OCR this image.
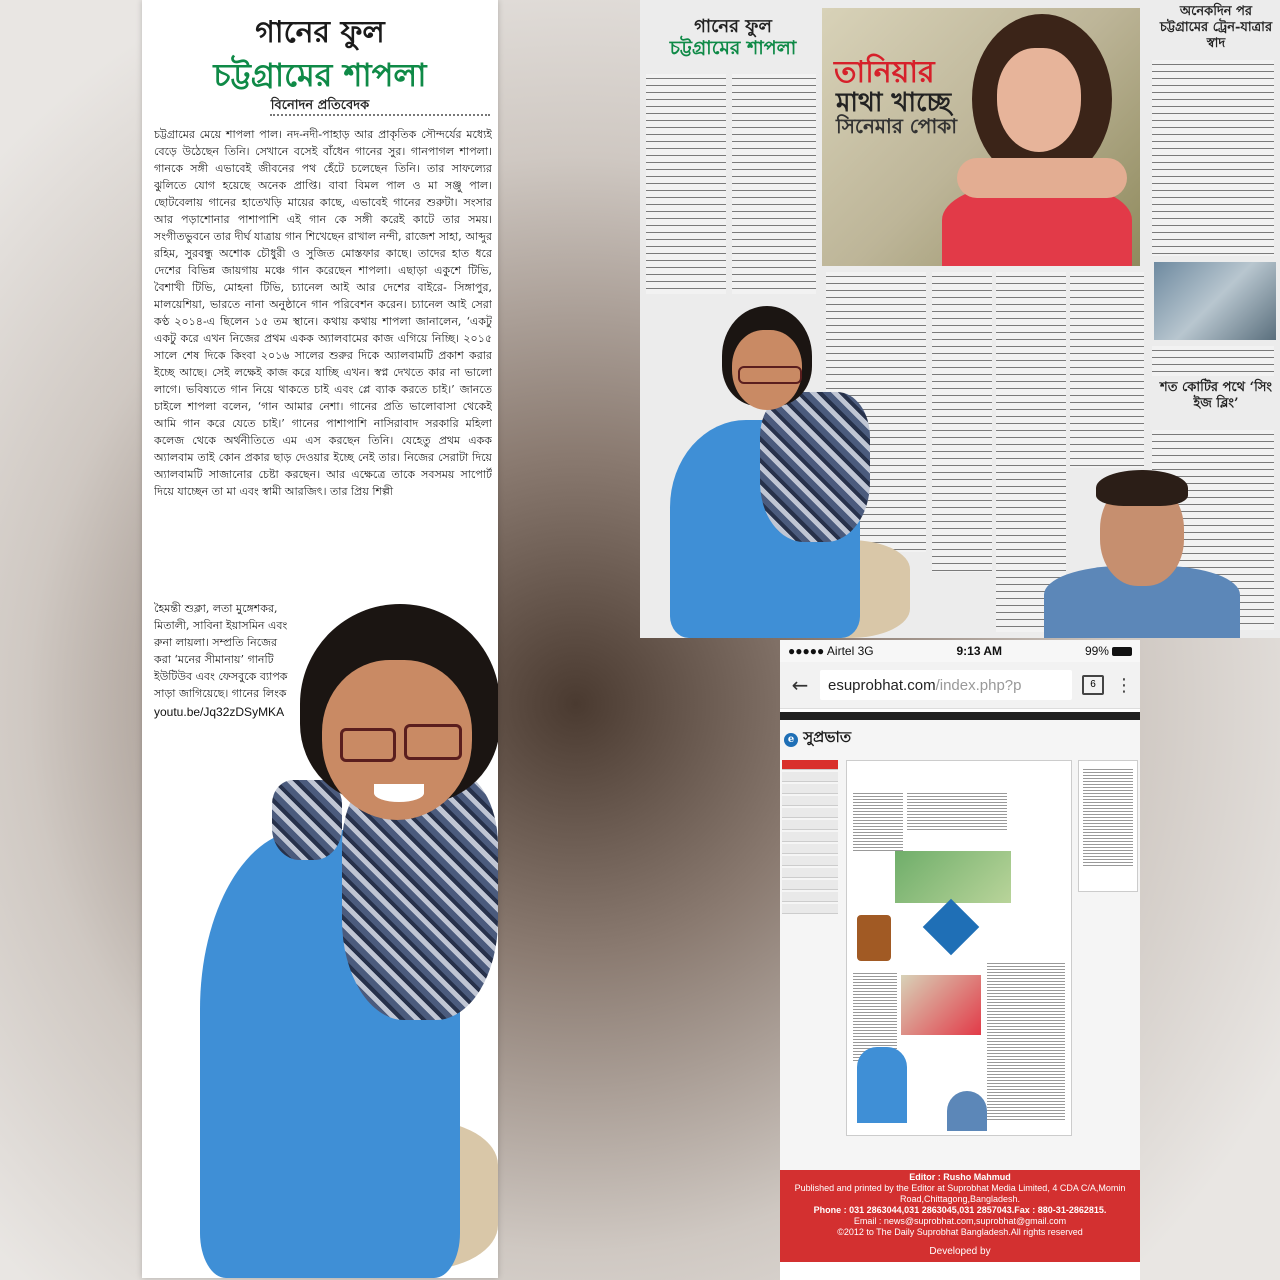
গানের ফুল
চট্টগ্রামের শাপলা
বিনোদন প্রতিবেদক
চট্টগ্রামের মেয়ে শাপলা পাল। নদ-নদী-পাহাড় আর প্রাকৃতিক সৌন্দর্যের মধ্যেই বেড়ে উঠেছেন তিনি। সেখানে বসেই বাঁধেন গানের সুর। গানপাগল শাপলা। গানকে সঙ্গী এভাবেই জীবনের পথ হেঁটে চলেছেন তিনি। তার সাফল্যের ঝুলিতে যোগ হয়েছে অনেক প্রাপ্তি। বাবা বিমল পাল ও মা সঞ্জু পাল। ছোটবেলায় গানের হাতেখড়ি মায়ের কাছে, এভাবেই গানের শুরুটা। সংসার আর পড়াশোনার পাশাপাশি এই গান কে সঙ্গী করেই কাটে তার সময়। সংগীতভুবনে তার দীর্ঘ যাত্রায় গান শিখেছেন রাখাল নন্দী, রাজেশ সাহা, আব্দুর রহিম, সুরবন্ধু অশোক চৌধুরী ও সুজিত মোস্তফার কাছে। তাদের হাত ধরে দেশের বিভিন্ন জায়গায় মঞ্চে গান করেছেন শাপলা। এছাড়া একুশে টিভি, বৈশাখী টিভি, মোহনা টিভি, চ্যানেল আই আর দেশের বাইরে- সিঙ্গাপুর, মালয়েশিয়া, ভারতে নানা অনুষ্ঠানে গান পরিবেশন করেন। চ্যানেল আই সেরা কণ্ঠ ২০১৪-এ ছিলেন ১৫ তম স্থানে। কথায় কথায় শাপলা জানালেন, ‘একটু একটু করে এখন নিজের প্রথম একক অ্যালবামের কাজ এগিয়ে নিচ্ছি। ২০১৫ সালে শেষ দিকে কিংবা ২০১৬ সালের শুরুর দিকে অ্যালবামটি প্রকাশ করার ইচ্ছে আছে। সেই লক্ষেই কাজ করে যাচ্ছি এখন। স্বপ্ন দেখতে কার না ভালো লাগে। ভবিষ্যতে গান নিয়ে থাকতে চাই এবং প্লে ব্যাক করতে চাই।’ জানতে চাইলে শাপলা বলেন, ‘গান আমার নেশা। গানের প্রতি ভালোবাসা থেকেই আমি গান করে যেতে চাই।’ গানের পাশাপাশি নাসিরাবাদ সরকারি মহিলা কলেজ থেকে অর্থনীতিতে এম এস করছেন তিনি। যেহেতু প্রথম একক অ্যালবাম তাই কোন প্রকার ছাড় দেওয়ার ইচ্ছে নেই তার। নিজের সেরাটা দিয়ে অ্যালবামটি সাজানোর চেষ্টা করছেন। আর এক্ষেত্রে তাকে সবসময় সাপোর্ট দিয়ে যাচ্ছেন তা মা এবং স্বামী আরজিৎ। তার প্রিয় শিল্পী
হৈমন্তী শুক্লা, লতা মুঙ্গেশকর, মিতালী, সাবিনা ইয়াসমিন এবং রুনা লায়লা। সম্প্রতি নিজের করা ‘মনের সীমানায়’ গানটি ইউটিউব এবং ফেসবুকে ব্যাপক সাড়া জাগিয়েছে। গানের লিংক
youtu.be/Jq32zDSyMKA
গানের ফুল
চট্টগ্রামের শাপলা
তানিয়ার
মাথা খাচ্ছে
সিনেমার পোকা
অনেকদিন পর চট্টগ্রামের ট্রেন-যাত্রার স্বাদ
শত কোটির পথে ‘সিং ইজ ব্লিং’
●●●●● Airtel 3G	9:13 AM	99%
←	esuprobhat.com /index.php?p	6	⋮
e সুপ্রভাত
Editor : Rusho Mahmud
Published and printed by the Editor at Suprobhat Media Limited, 4 CDA C/A,Momin Road,Chittagong,Bangladesh.
Phone : 031 2863044,031 2863045,031 2857043.Fax : 880-31-2862815.
Email : news@suprobhat.com,suprobhat@gmail.com
©2012 to The Daily Suprobhat Bangladesh.All rights reserved
Developed by
